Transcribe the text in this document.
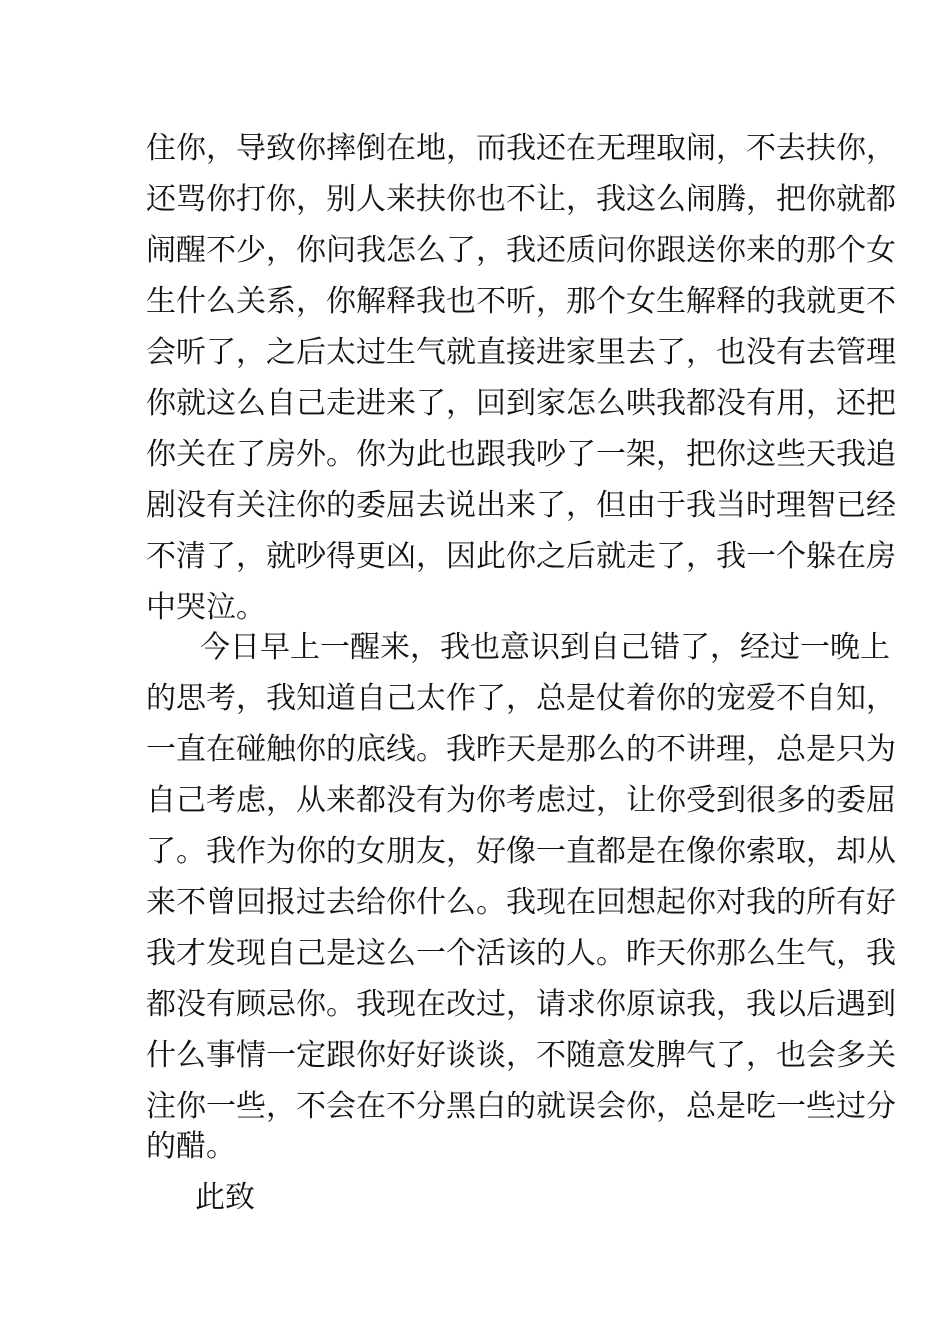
住你，导致你摔倒在地，而我还在无理取闹，不去扶你，
还骂你打你，别人来扶你也不让，我这么闹腾，把你就都
闹醒不少，你问我怎么了，我还质问你跟送你来的那个女
生什么关系，你解释我也不听，那个女生解释的我就更不
会听了，之后太过生气就直接进家里去了，也没有去管理
你就这么自己走进来了，回到家怎么哄我都没有用，还把
你关在了房外。你为此也跟我吵了一架，把你这些天我追
剧没有关注你的委屈去说出来了，但由于我当时理智已经
不清了，就吵得更凶，因此你之后就走了，我一个躲在房
中哭泣。
今日早上一醒来，我也意识到自己错了，经过一晚上
的思考，我知道自己太作了，总是仗着你的宠爱不自知，
一直在碰触你的底线。我昨天是那么的不讲理，总是只为
自己考虑，从来都没有为你考虑过，让你受到很多的委屈
了。我作为你的女朋友，好像一直都是在像你索取，却从
来不曾回报过去给你什么。我现在回想起你对我的所有好
我才发现自己是这么一个活该的人。昨天你那么生气，我
都没有顾忌你。我现在改过，请求你原谅我，我以后遇到
什么事情一定跟你好好谈谈，不随意发脾气了，也会多关
注你一些，不会在不分黑白的就误会你，总是吃一些过分
的醋。
此致
